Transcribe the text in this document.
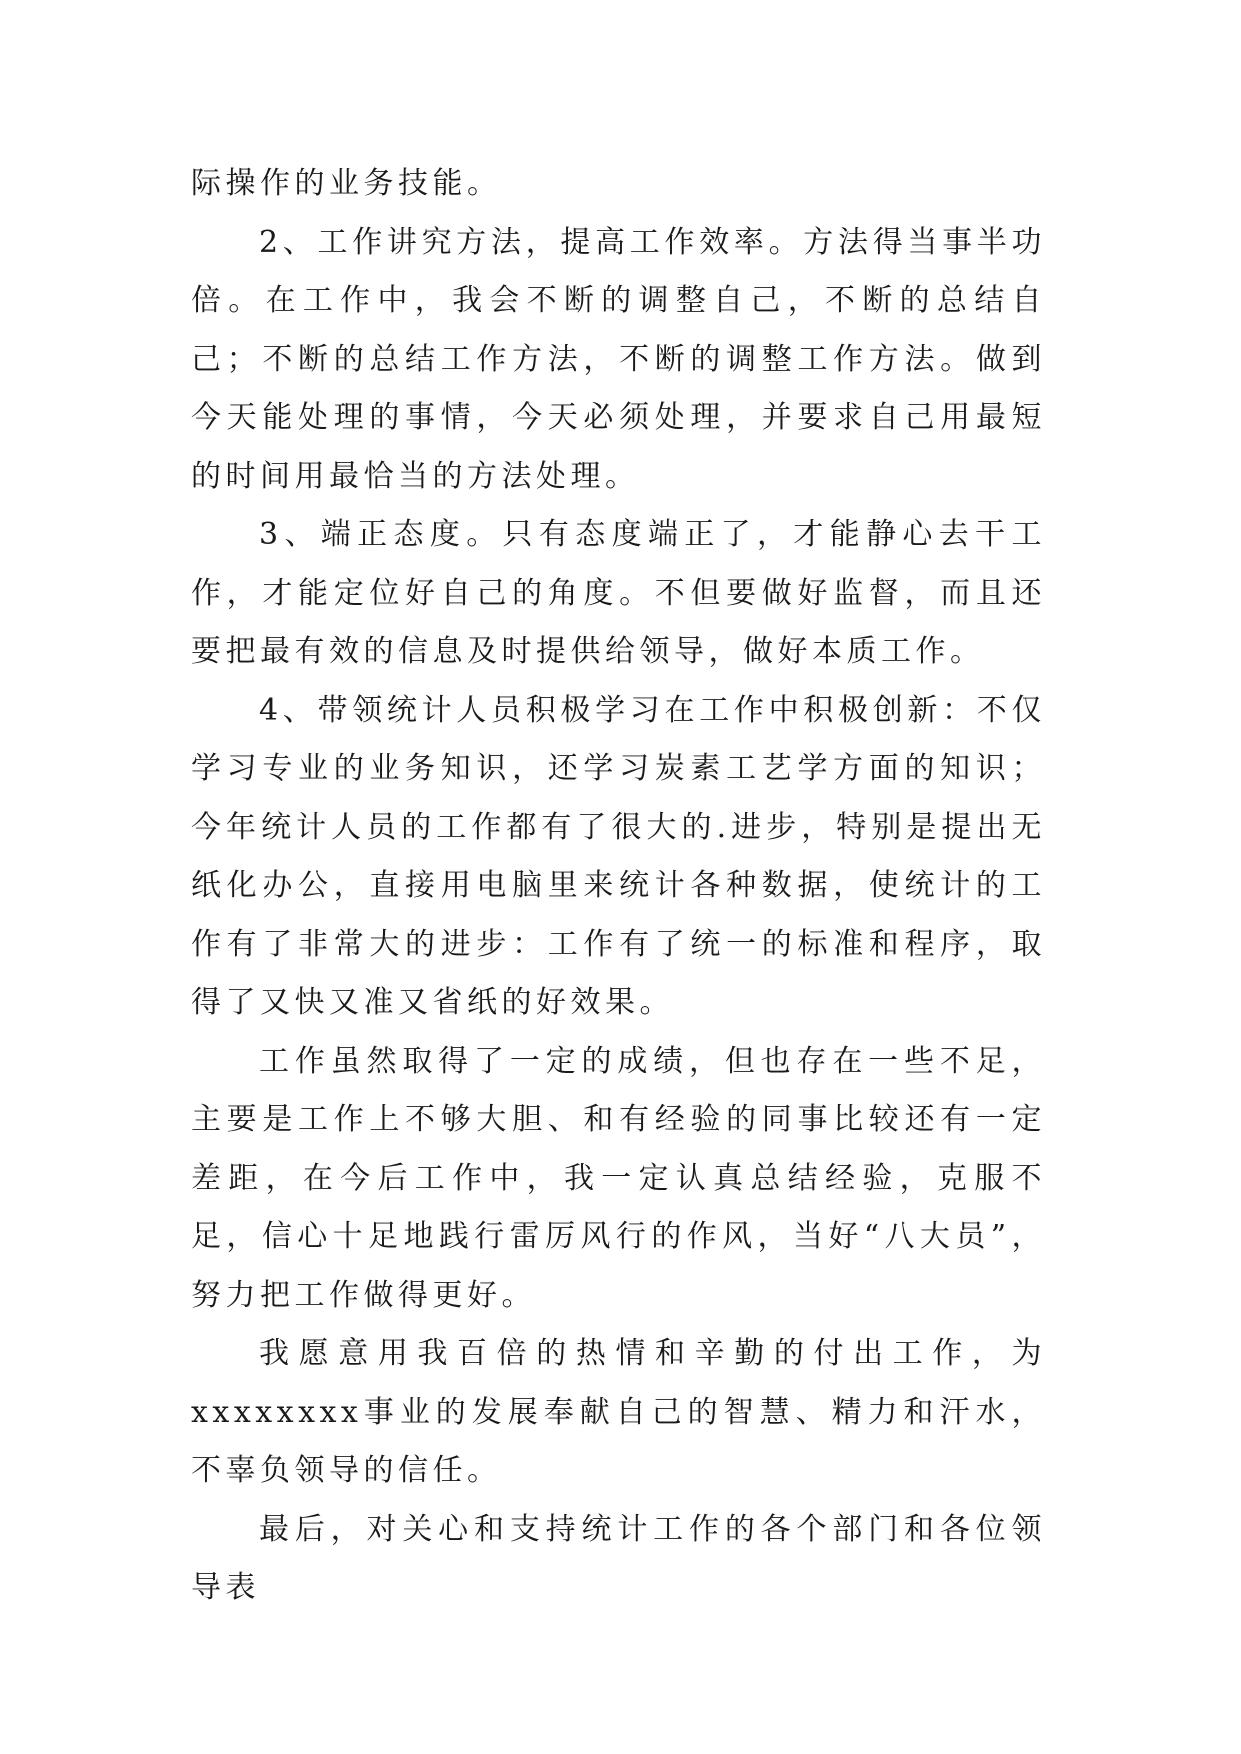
际操作的业务技能。

2、工作讲究方法，提高工作效率。方法得当事半功倍。在工作中，我会不断的调整自己，不断的总结自己；不断的总结工作方法，不断的调整工作方法。做到今天能处理的事情，今天必须处理，并要求自己用最短的时间用最恰当的方法处理。

3、端正态度。只有态度端正了，才能静心去干工作，才能定位好自己的角度。不但要做好监督，而且还要把最有效的信息及时提供给领导，做好本质工作。

4、带领统计人员积极学习在工作中积极创新：不仅学习专业的业务知识，还学习炭素工艺学方面的知识；今年统计人员的工作都有了很大的.进步，特别是提出无纸化办公，直接用电脑里来统计各种数据，使统计的工作有了非常大的进步：工作有了统一的标准和程序，取得了又快又准又省纸的好效果。

工作虽然取得了一定的成绩，但也存在一些不足，主要是工作上不够大胆、和有经验的同事比较还有一定差距，在今后工作中，我一定认真总结经验，克服不足，信心十足地践行雷厉风行的作风，当好“八大员”，努力把工作做得更好。

我愿意用我百倍的热情和辛勤的付出工作，为xxxxxxxx事业的发展奉献自己的智慧、精力和汗水，不辜负领导的信任。

最后，对关心和支持统计工作的各个部门和各位领导表
